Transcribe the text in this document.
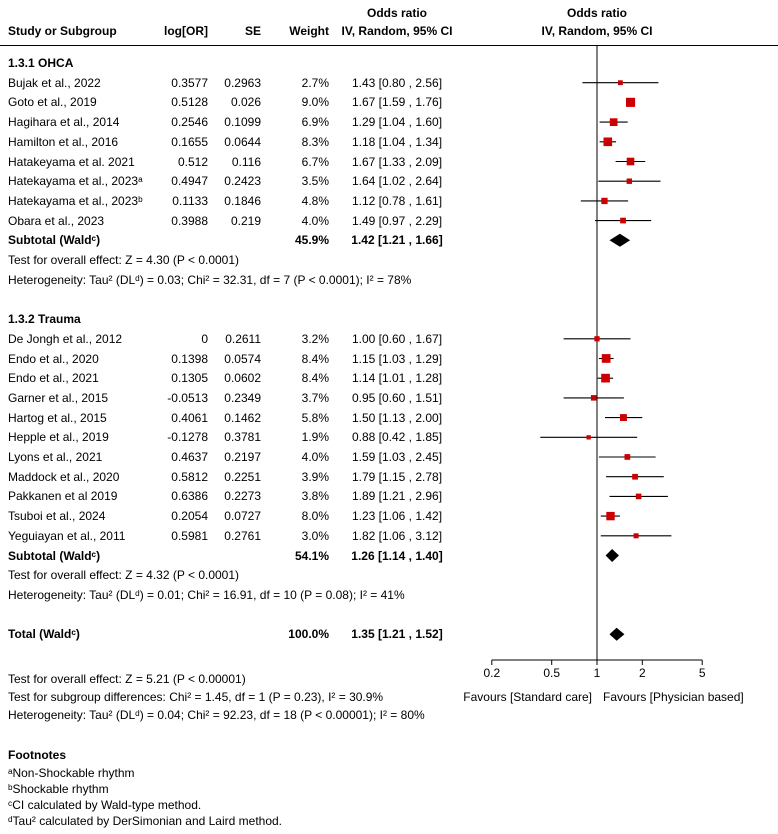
Odds ratio	Odds ratio
Study or Subgroup	log[OR]	SE	Weight	IV, Random, 95% CI	IV, Random, 95% CI
1.3.1 OHCA
Bujak et al., 2022	0.3577	0.2963	2.7%	1.43 [0.80 , 2.56]
Goto et al., 2019	0.5128	0.026	9.0%	1.67 [1.59 , 1.76]
Hagihara et al., 2014	0.2546	0.1099	6.9%	1.29 [1.04 , 1.60]
Hamilton et al., 2016	0.1655	0.0644	8.3%	1.18 [1.04 , 1.34]
Hatakeyama et al. 2021	0.512	0.116	6.7%	1.67 [1.33 , 2.09]
Hatekayama et al., 2023ᵃ	0.4947	0.2423	3.5%	1.64 [1.02 , 2.64]
Hatekayama et al., 2023ᵇ	0.1133	0.1846	4.8%	1.12 [0.78 , 1.61]
Obara et al., 2023	0.3988	0.219	4.0%	1.49 [0.97 , 2.29]
Subtotal (Waldᶜ)	45.9%	1.42 [1.21 , 1.66]
Test for overall effect: Z = 4.30 (P < 0.0001)
Heterogeneity: Tau² (DLᵈ) = 0.03; Chi² = 32.31, df = 7 (P < 0.0001); I² = 78%
1.3.2 Trauma
De Jongh et al., 2012	0	0.2611	3.2%	1.00 [0.60 , 1.67]
Endo et al., 2020	0.1398	0.0574	8.4%	1.15 [1.03 , 1.29]
Endo et al., 2021	0.1305	0.0602	8.4%	1.14 [1.01 , 1.28]
Garner et al., 2015	-0.0513	0.2349	3.7%	0.95 [0.60 , 1.51]
Hartog et al., 2015	0.4061	0.1462	5.8%	1.50 [1.13 , 2.00]
Hepple et al., 2019	-0.1278	0.3781	1.9%	0.88 [0.42 , 1.85]
Lyons et al., 2021	0.4637	0.2197	4.0%	1.59 [1.03 , 2.45]
Maddock et al., 2020	0.5812	0.2251	3.9%	1.79 [1.15 , 2.78]
Pakkanen et al 2019	0.6386	0.2273	3.8%	1.89 [1.21 , 2.96]
Tsuboi et al., 2024	0.2054	0.0727	8.0%	1.23 [1.06 , 1.42]
Yeguiayan et al., 2011	0.5981	0.2761	3.0%	1.82 [1.06 , 3.12]
Subtotal (Waldᶜ)	54.1%	1.26 [1.14 , 1.40]
Test for overall effect: Z = 4.32 (P < 0.0001)
Heterogeneity: Tau² (DLᵈ) = 0.01; Chi² = 16.91, df = 10 (P = 0.08); I² = 41%
Total (Waldᶜ)	100.0%	1.35 [1.21 , 1.52]
0.2	0.5	1	2	5
Test for overall effect: Z = 5.21 (P < 0.00001)
Test for subgroup differences: Chi² = 1.45, df = 1 (P = 0.23), I² = 30.9%
Heterogeneity: Tau² (DLᵈ) = 0.04; Chi² = 92.23, df = 18 (P < 0.00001); I² = 80%
Favours [Standard care] Favours [Physician based]
Footnotes
ᵃNon-Shockable rhythm
ᵇShockable rhythm
ᶜCI calculated by Wald-type method.
ᵈTau² calculated by DerSimonian and Laird method.
